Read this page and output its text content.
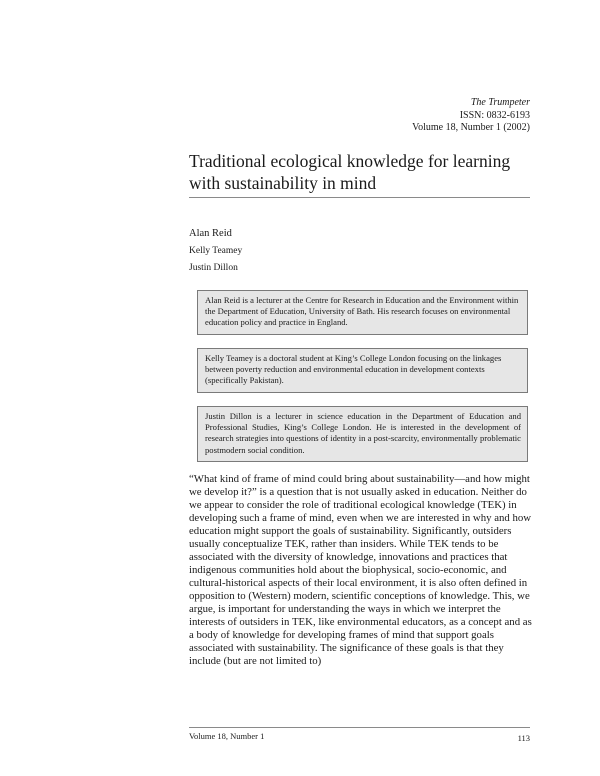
The Trumpeter
ISSN: 0832-6193
Volume 18, Number 1 (2002)
Traditional ecological knowledge for learning with sustainability in mind
Alan Reid
Kelly Teamey
Justin Dillon
Alan Reid is a lecturer at the Centre for Research in Education and the Environment within the Department of Education, University of Bath. His research focuses on environmental education policy and practice in England.
Kelly Teamey is a doctoral student at King’s College London focusing on the linkages between poverty reduction and environmental education in development contexts (specifically Pakistan).
Justin Dillon is a lecturer in science education in the Department of Education and Professional Studies, King’s College London. He is interested in the development of research strategies into questions of identity in a post-scarcity, environmentally problematic postmodern social condition.

“What kind of frame of mind could bring about sustainability—and how might we develop it?” is a question that is not usually asked in education. Neither do we appear to consider the role of traditional ecological knowledge (TEK) in developing such a frame of mind, even when we are interested in why and how education might support the goals of sustainability. Significantly, outsiders usually conceptualize TEK, rather than insiders. While TEK tends to be associated with the diversity of knowledge, innovations and practices that indigenous communities hold about the biophysical, socio-economic, and cultural-historical aspects of their local environment, it is also often defined in opposition to (Western) modern, scientific conceptions of knowledge. This, we argue, is important for understanding the ways in which we interpret the interests of outsiders in TEK, like environmental educators, as a concept and as a body of knowledge for developing frames of mind that support goals associated with sustainability. The significance of these goals is that they include (but are not limited to)

Volume 18, Number 1	113
